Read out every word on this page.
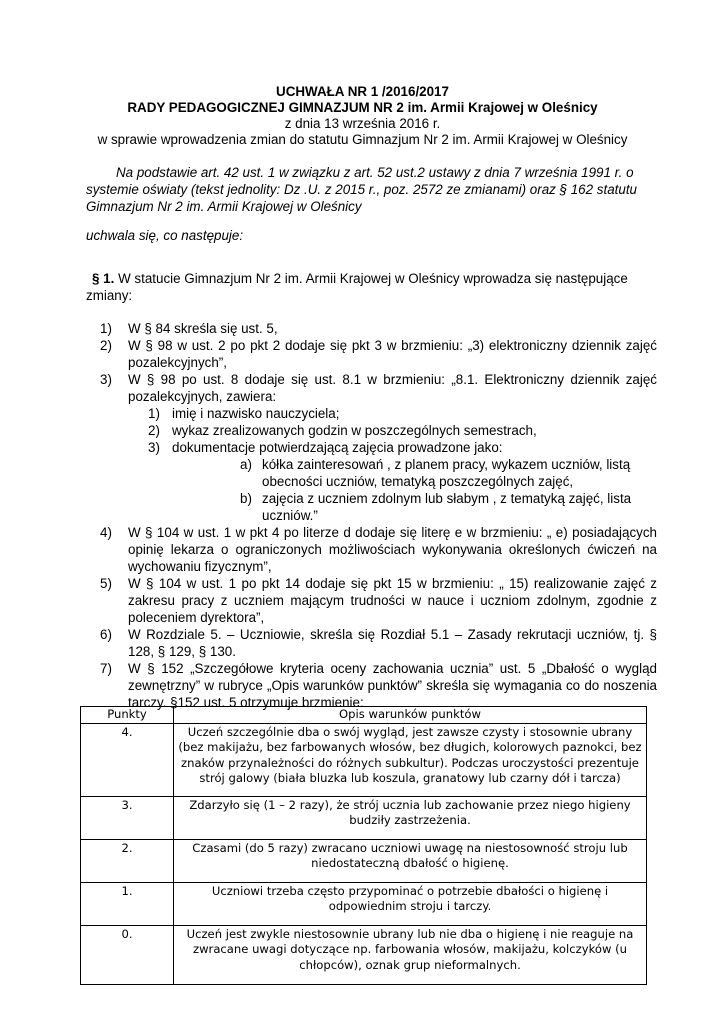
UCHWAŁA NR 1 /2016/2017
RADY PEDAGOGICZNEJ GIMNAZJUM NR 2 im. Armii Krajowej w Oleśnicy
z dnia 13 września 2016 r.
w sprawie wprowadzenia zmian do statutu Gimnazjum Nr 2 im. Armii Krajowej w Oleśnicy

Na podstawie art. 42 ust. 1 w związku z art. 52 ust.2 ustawy z dnia 7 września 1991 r. o systemie oświaty (tekst jednolity: Dz .U. z 2015 r., poz. 2572 ze zmianami) oraz § 162 statutu Gimnazjum Nr 2 im. Armii Krajowej w Oleśnicy

uchwala się, co następuje:
§ 1. W statucie Gimnazjum Nr 2 im. Armii Krajowej w Oleśnicy wprowadza się następujące zmiany:
1)	W § 84 skreśla się ust. 5,
2)	W § 98 w ust. 2 po pkt 2 dodaje się pkt 3 w brzmieniu: „3) elektroniczny dziennik zajęć pozalekcyjnych”,
3)	W § 98 po ust. 8 dodaje się ust. 8.1 w brzmieniu: „8.1. Elektroniczny dziennik zajęć pozalekcyjnych, zawiera:
1) imię i nazwisko nauczyciela;
2) wykaz zrealizowanych godzin w poszczególnych semestrach,
3) dokumentacje potwierdzającą zajęcia prowadzone jako:
a) kółka zainteresowań , z planem pracy, wykazem uczniów, listą obecności uczniów, tematyką poszczególnych zajęć,
b) zajęcia z uczniem zdolnym lub słabym , z tematyką zajęć, lista uczniów.”
4)	W § 104 w ust. 1 w pkt 4 po literze d dodaje się literę e w brzmieniu: „ e) posiadających opinię lekarza o ograniczonych możliwościach wykonywania określonych ćwiczeń na wychowaniu fizycznym”,
5)	W § 104 w ust. 1 po pkt 14 dodaje się pkt 15 w brzmieniu: „ 15) realizowanie zajęć z zakresu pracy z uczniem mającym trudności w nauce i uczniom zdolnym, zgodnie z poleceniem dyrektora”,
6)	W Rozdziale 5. – Uczniowie, skreśla się Rozdiał 5.1 – Zasady rekrutacji uczniów, tj. § 128, § 129, § 130.
7)	W § 152 „Szczegółowe kryteria oceny zachowania ucznia” ust. 5 „Dbałość o wygląd zewnętrzny” w rubryce „Opis warunków punktów” skreśla się wymagania co do noszenia tarczy. §152 ust. 5 otrzymuje brzmienie:
Punkty	Opis warunków punktów
4.	Uczeń szczególnie dba o swój wygląd, jest zawsze czysty i stosownie ubrany (bez makijażu, bez farbowanych włosów, bez długich, kolorowych paznokci, bez znaków przynależności do różnych subkultur). Podczas uroczystości prezentuje strój galowy (biała bluzka lub koszula, granatowy lub czarny dół i tarcza)
3.	Zdarzyło się (1 – 2 razy), że strój ucznia lub zachowanie przez niego higieny budziły zastrzeżenia.
2.	Czasami (do 5 razy) zwracano uczniowi uwagę na niestosowność stroju lub niedostateczną dbałość o higienę.
1.	Uczniowi trzeba często przypominać o potrzebie dbałości o higienę i odpowiednim stroju i tarczy.
0.	Uczeń jest zwykle niestosownie ubrany lub nie dba o higienę i nie reaguje na zwracane uwagi dotyczące np. farbowania włosów, makijażu, kolczyków (u chłopców), oznak grup nieformalnych.
